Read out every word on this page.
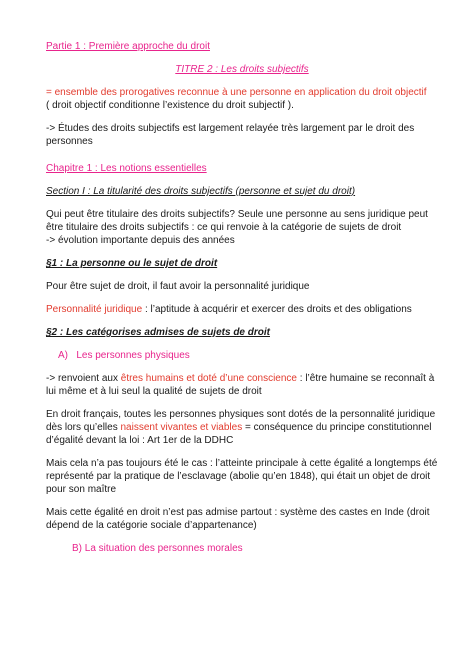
Partie 1 : Première approche du droit
TITRE 2 : Les droits subjectifs
= ensemble des prorogatives reconnue à une personne en application du droit objectif
( droit objectif conditionne l’existence du droit subjectif ).
-> Études des droits subjectifs est largement relayée très largement par le droit des
personnes
Chapitre 1 : Les notions essentielles
Section I : La titularité des droits subjectifs (personne et sujet du droit)
Qui peut être titulaire des droits subjectifs? Seule une personne au sens juridique peut
être titulaire des droits subjectifs : ce qui renvoie à la catégorie de sujets de droit
-> évolution importante depuis des années
§1 : La personne ou le sujet de droit
Pour être sujet de droit, il faut avoir la personnalité juridique
Personnalité juridique : l’aptitude à acquérir et exercer des droits et des obligations
§2 : Les catégorises admises de sujets de droit
A) Les personnes physiques
-> renvoient aux êtres humains et doté d’une conscience : l’être humaine se reconnaît à
lui même et à lui seul la qualité de sujets de droit
En droit français, toutes les personnes physiques sont dotés de la personnalité juridique
dès lors qu’elles naissent vivantes et viables = conséquence du principe constitutionnel
d’égalité devant la loi : Art 1er de la DDHC
Mais cela n’a pas toujours été le cas : l’atteinte principale à cette égalité a longtemps été
représenté par la pratique de l’esclavage (abolie qu’en 1848), qui était un objet de droit
pour son maître
Mais cette égalité en droit n’est pas admise partout : système des castes en Inde (droit
dépend de la catégorie sociale d’appartenance)
B) La situation des personnes morales
